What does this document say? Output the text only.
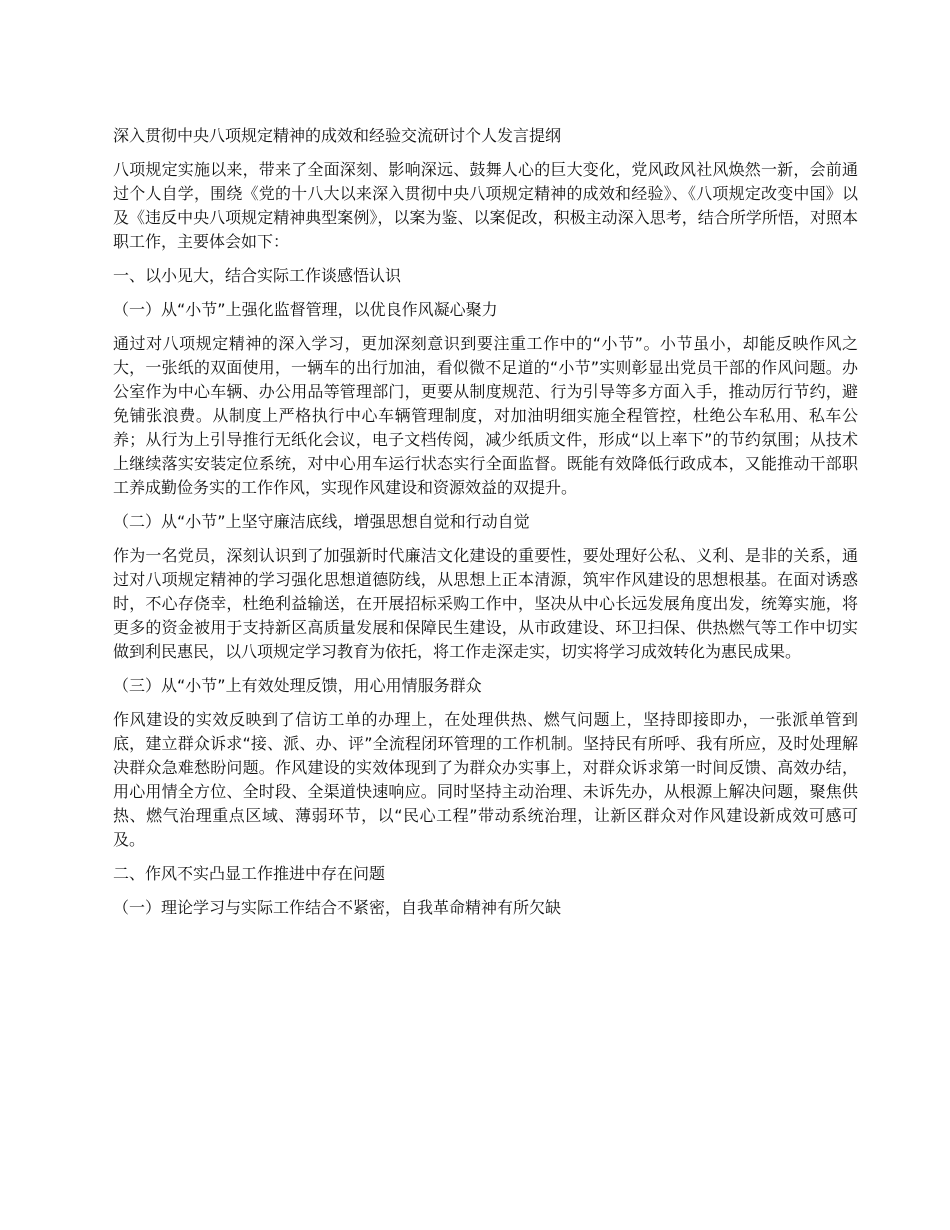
深入贯彻中央八项规定精神的成效和经验交流研讨个人发言提纲

八项规定实施以来，带来了全面深刻、影响深远、鼓舞人心的巨大变化，党风政风社风焕然一新，会前通过个人自学，围绕《党的十八大以来深入贯彻中央八项规定精神的成效和经验》、《八项规定改变中国》以及《违反中央八项规定精神典型案例》，以案为鉴、以案促改，积极主动深入思考，结合所学所悟，对照本职工作，主要体会如下：

一、以小见大，结合实际工作谈感悟认识
（一）从“小节”上强化监督管理，以优良作风凝心聚力

通过对八项规定精神的深入学习，更加深刻意识到要注重工作中的“小节”。小节虽小，却能反映作风之大，一张纸的双面使用，一辆车的出行加油，看似微不足道的“小节”实则彰显出党员干部的作风问题。办公室作为中心车辆、办公用品等管理部门，更要从制度规范、行为引导等多方面入手，推动厉行节约，避免铺张浪费。从制度上严格执行中心车辆管理制度，对加油明细实施全程管控，杜绝公车私用、私车公养；从行为上引导推行无纸化会议，电子文档传阅，减少纸质文件，形成“以上率下”的节约氛围；从技术上继续落实安装定位系统，对中心用车运行状态实行全面监督。既能有效降低行政成本，又能推动干部职工养成勤俭务实的工作作风，实现作风建设和资源效益的双提升。

（二）从“小节”上坚守廉洁底线，增强思想自觉和行动自觉

作为一名党员，深刻认识到了加强新时代廉洁文化建设的重要性，要处理好公私、义利、是非的关系，通过对八项规定精神的学习强化思想道德防线，从思想上正本清源，筑牢作风建设的思想根基。在面对诱惑时，不心存侥幸，杜绝利益输送，在开展招标采购工作中，坚决从中心长远发展角度出发，统筹实施，将更多的资金被用于支持新区高质量发展和保障民生建设，从市政建设、环卫扫保、供热燃气等工作中切实做到利民惠民，以八项规定学习教育为依托，将工作走深走实，切实将学习成效转化为惠民成果。

（三）从“小节”上有效处理反馈，用心用情服务群众

作风建设的实效反映到了信访工单的办理上，在处理供热、燃气问题上，坚持即接即办，一张派单管到底，建立群众诉求“接、派、办、评”全流程闭环管理的工作机制。坚持民有所呼、我有所应，及时处理解决群众急难愁盼问题。作风建设的实效体现到了为群众办实事上，对群众诉求第一时间反馈、高效办结，用心用情全方位、全时段、全渠道快速响应。同时坚持主动治理、未诉先办，从根源上解决问题，聚焦供热、燃气治理重点区域、薄弱环节，以“民心工程”带动系统治理，让新区群众对作风建设新成效可感可及。

二、作风不实凸显工作推进中存在问题
（一）理论学习与实际工作结合不紧密，自我革命精神有所欠缺
